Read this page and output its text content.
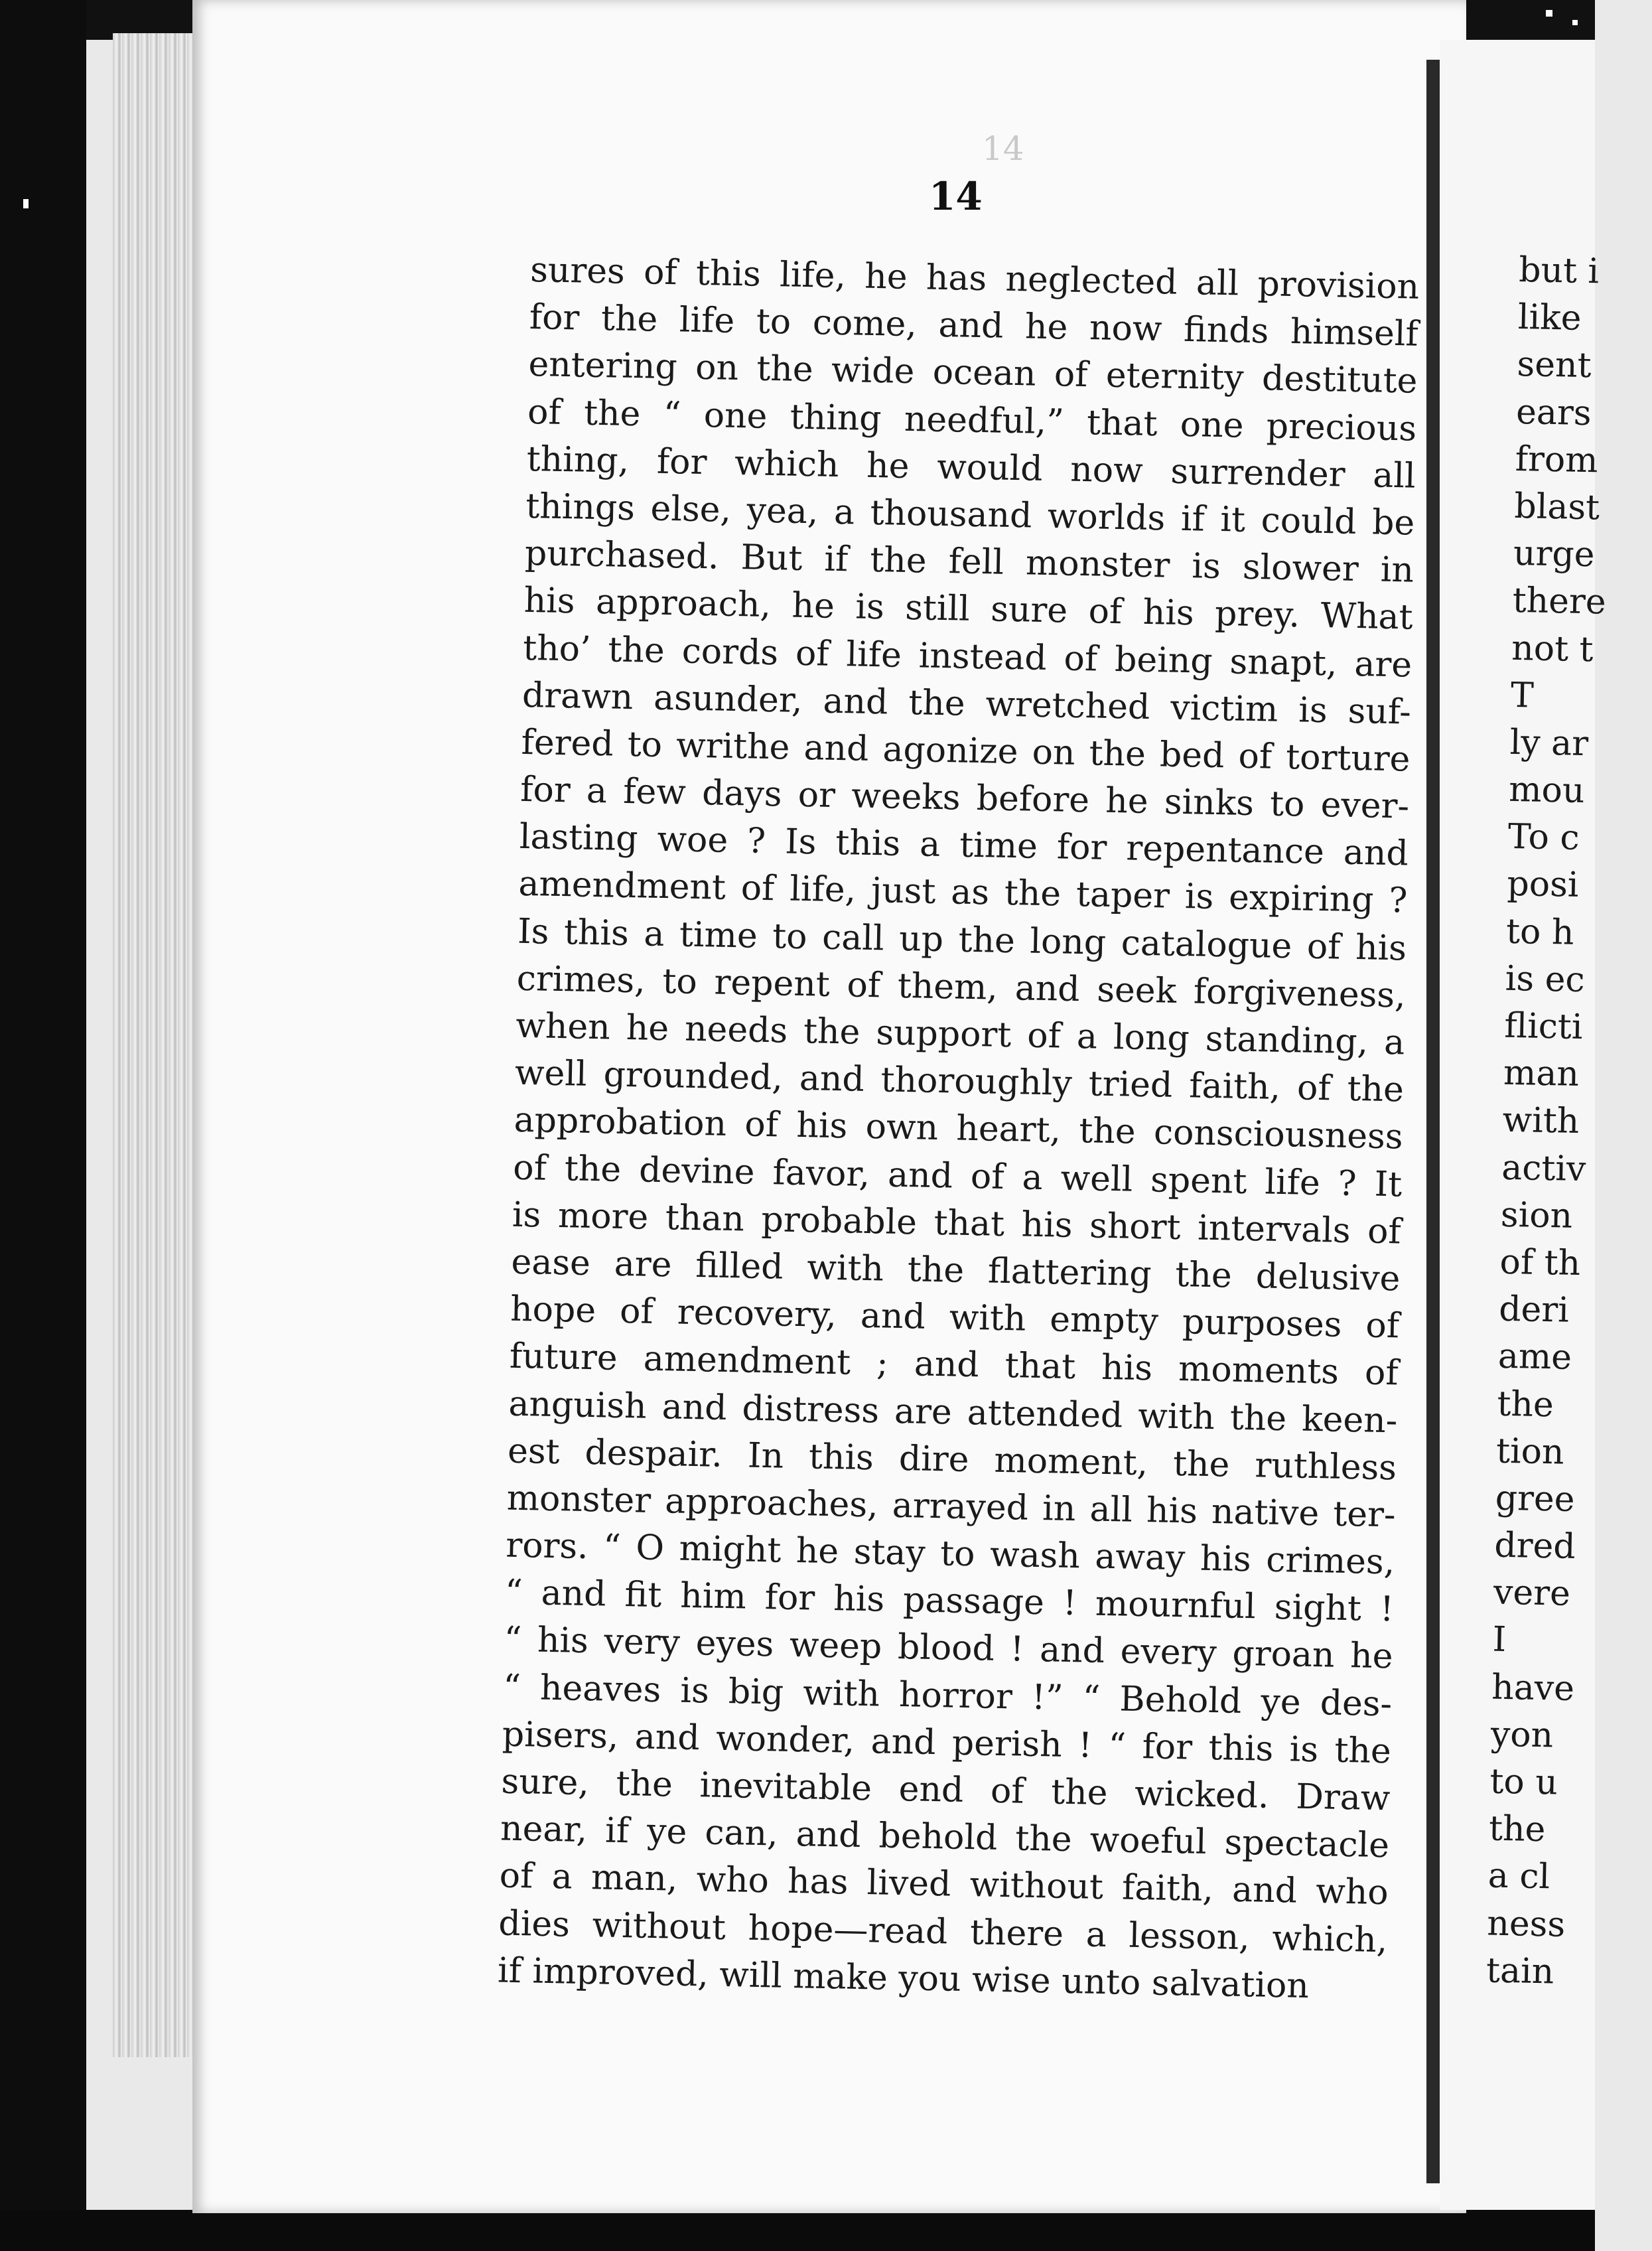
14
14
sures of this life, he has neglected all provision
for the life to come, and he now finds himself
entering on the wide ocean of eternity destitute
of the “ one thing needful,” that one precious
thing, for which he would now surrender all
things else, yea, a thousand worlds if it could be
purchased. But if the fell monster is slower in
his approach, he is still sure of his prey. What
tho’ the cords of life instead of being snapt, are
drawn asunder, and the wretched victim is suf-
fered to writhe and agonize on the bed of torture
for a few days or weeks before he sinks to ever-
lasting woe ? Is this a time for repentance and
amendment of life, just as the taper is expiring ?
Is this a time to call up the long catalogue of his
crimes, to repent of them, and seek forgiveness,
when he needs the support of a long standing, a
well grounded, and thoroughly tried faith, of the
approbation of his own heart, the consciousness
of the devine favor, and of a well spent life ? It
is more than probable that his short intervals of
ease are filled with the flattering the delusive
hope of recovery, and with empty purposes of
future amendment ; and that his moments of
anguish and distress are attended with the keen-
est despair. In this dire moment, the ruthless
monster approaches, arrayed in all his native ter-
rors. “ O might he stay to wash away his crimes,
“ and fit him for his passage ! mournful sight !
“ his very eyes weep blood ! and every groan he
“ heaves is big with horror !” “ Behold ye des-
pisers, and wonder, and perish ! “ for this is the
sure, the inevitable end of the wicked. Draw
near, if ye can, and behold the woeful spectacle
of a man, who has lived without faith, and who
dies without hope—read there a lesson, which,
if improved, will make you wise unto salvation
but i
like
sent
ears
from
blast
urge
there
not t
T
ly ar
mou
To c
posi
to h
is ec
flicti
man
with
activ
sion
of th
deri
ame
the
tion
gree
dred
vere
I
have
yon
to u
the
a cl
ness
tain
